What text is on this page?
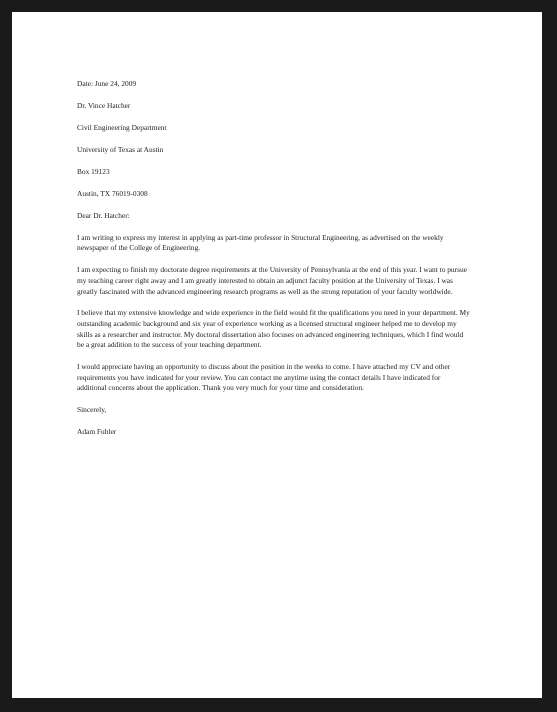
Date: June 24, 2009

Dr. Vince Hatcher

Civil Engineering Department

University of Texas at Austin

Box 19123

Austin, TX 76019-0308

Dear Dr. Hatcher:

I am writing to express my interest in applying as part-time professor in Structural Engineering, as advertised on the weekly
newspaper of the College of Engineering.
I am expecting to finish my doctorate degree requirements at the University of Pennsylvania at the end of this year. I want to pursue
my teaching career right away and I am greatly interested to obtain an adjunct faculty position at the University of Texas. I was
greatly fascinated with the advanced engineering research programs as well as the strong reputation of your faculty worldwide.
I believe that my extensive knowledge and wide experience in the field would fit the qualifications you need in your department. My
outstanding academic background and six year of experience working as a licensed structural engineer helped me to develop my
skills as a researcher and instructor. My doctoral dissertation also focuses on advanced engineering techniques, which I find would
be a great addition to the success of your teaching department.
I would appreciate having an opportunity to discuss about the position in the weeks to come. I have attached my CV and other
requirements you have indicated for your review. You can contact me anytime using the contact details I have indicated for
additional concerns about the application. Thank you very much for your time and consideration.

Sincerely,

Adam Fuhler
